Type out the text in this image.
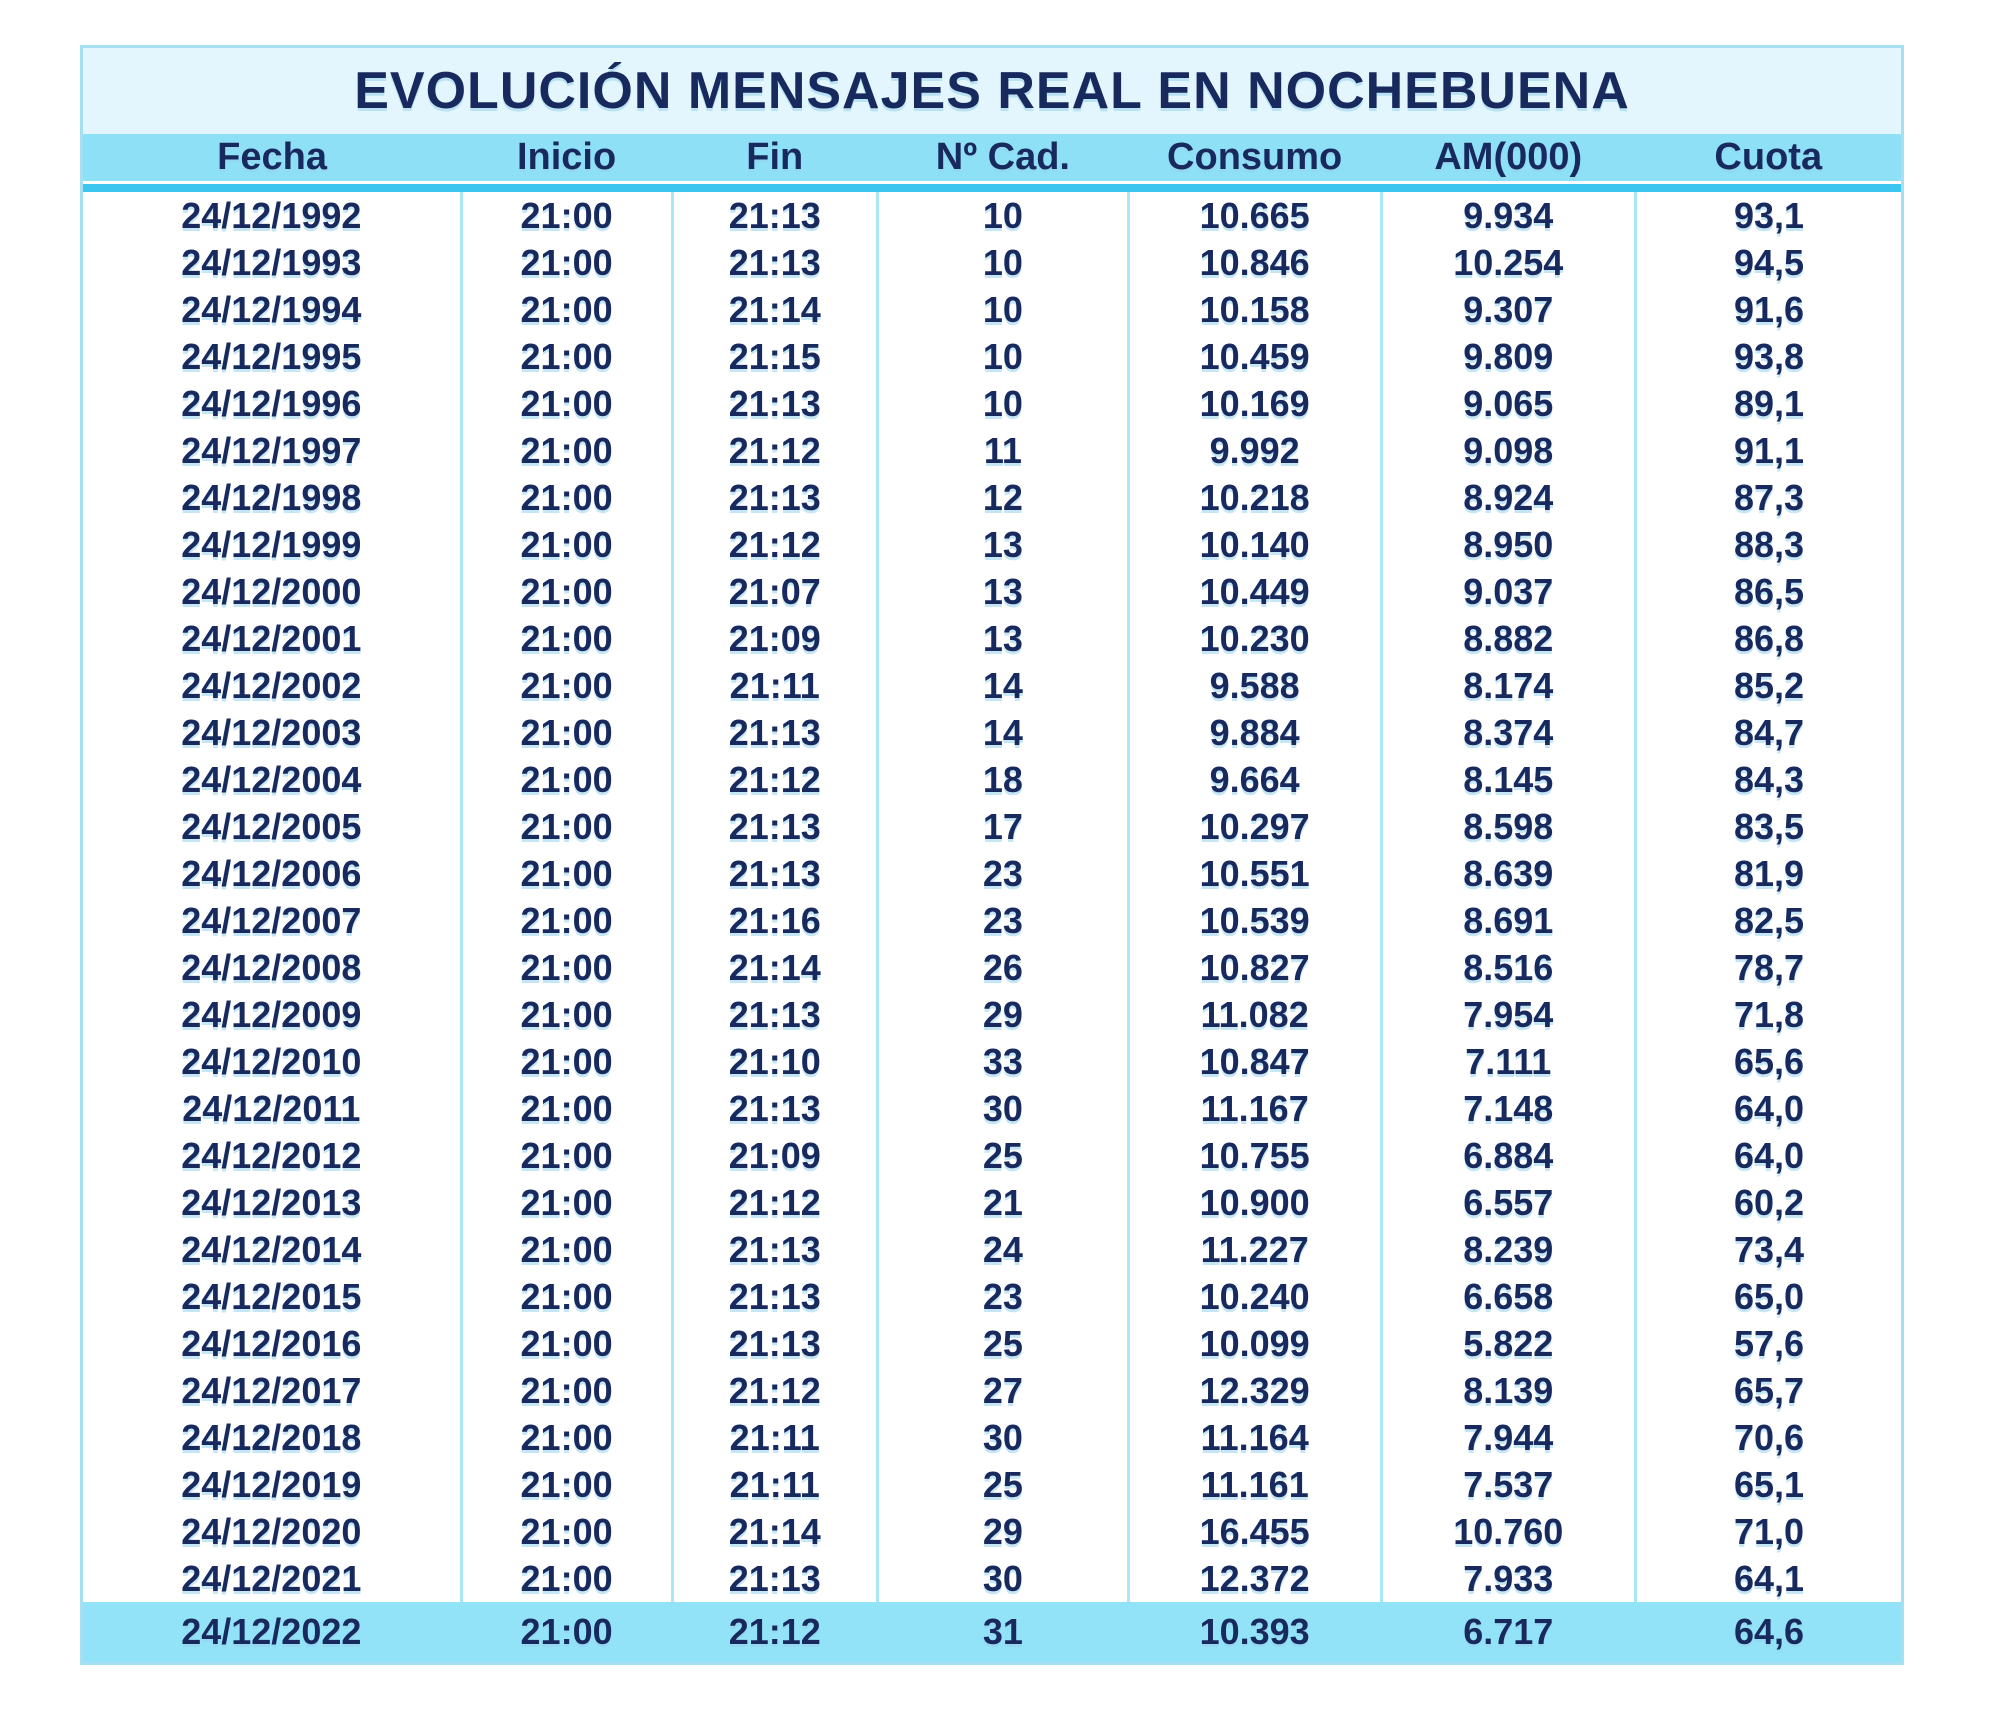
EVOLUCIÓN MENSAJES REAL EN NOCHEBUENA
Fecha	Inicio	Fin	Nº Cad.	Consumo	AM(000)	Cuota

24/12/1992	21:00	21:13	10	10.665	9.934	93,1
24/12/1993	21:00	21:13	10	10.846	10.254	94,5
24/12/1994	21:00	21:14	10	10.158	9.307	91,6
24/12/1995	21:00	21:15	10	10.459	9.809	93,8
24/12/1996	21:00	21:13	10	10.169	9.065	89,1
24/12/1997	21:00	21:12	11	9.992	9.098	91,1
24/12/1998	21:00	21:13	12	10.218	8.924	87,3
24/12/1999	21:00	21:12	13	10.140	8.950	88,3
24/12/2000	21:00	21:07	13	10.449	9.037	86,5
24/12/2001	21:00	21:09	13	10.230	8.882	86,8
24/12/2002	21:00	21:11	14	9.588	8.174	85,2
24/12/2003	21:00	21:13	14	9.884	8.374	84,7
24/12/2004	21:00	21:12	18	9.664	8.145	84,3
24/12/2005	21:00	21:13	17	10.297	8.598	83,5
24/12/2006	21:00	21:13	23	10.551	8.639	81,9
24/12/2007	21:00	21:16	23	10.539	8.691	82,5
24/12/2008	21:00	21:14	26	10.827	8.516	78,7
24/12/2009	21:00	21:13	29	11.082	7.954	71,8
24/12/2010	21:00	21:10	33	10.847	7.111	65,6
24/12/2011	21:00	21:13	30	11.167	7.148	64,0
24/12/2012	21:00	21:09	25	10.755	6.884	64,0
24/12/2013	21:00	21:12	21	10.900	6.557	60,2
24/12/2014	21:00	21:13	24	11.227	8.239	73,4
24/12/2015	21:00	21:13	23	10.240	6.658	65,0
24/12/2016	21:00	21:13	25	10.099	5.822	57,6
24/12/2017	21:00	21:12	27	12.329	8.139	65,7
24/12/2018	21:00	21:11	30	11.164	7.944	70,6
24/12/2019	21:00	21:11	25	11.161	7.537	65,1
24/12/2020	21:00	21:14	29	16.455	10.760	71,0
24/12/2021	21:00	21:13	30	12.372	7.933	64,1
24/12/2022	21:00	21:12	31	10.393	6.717	64,6
